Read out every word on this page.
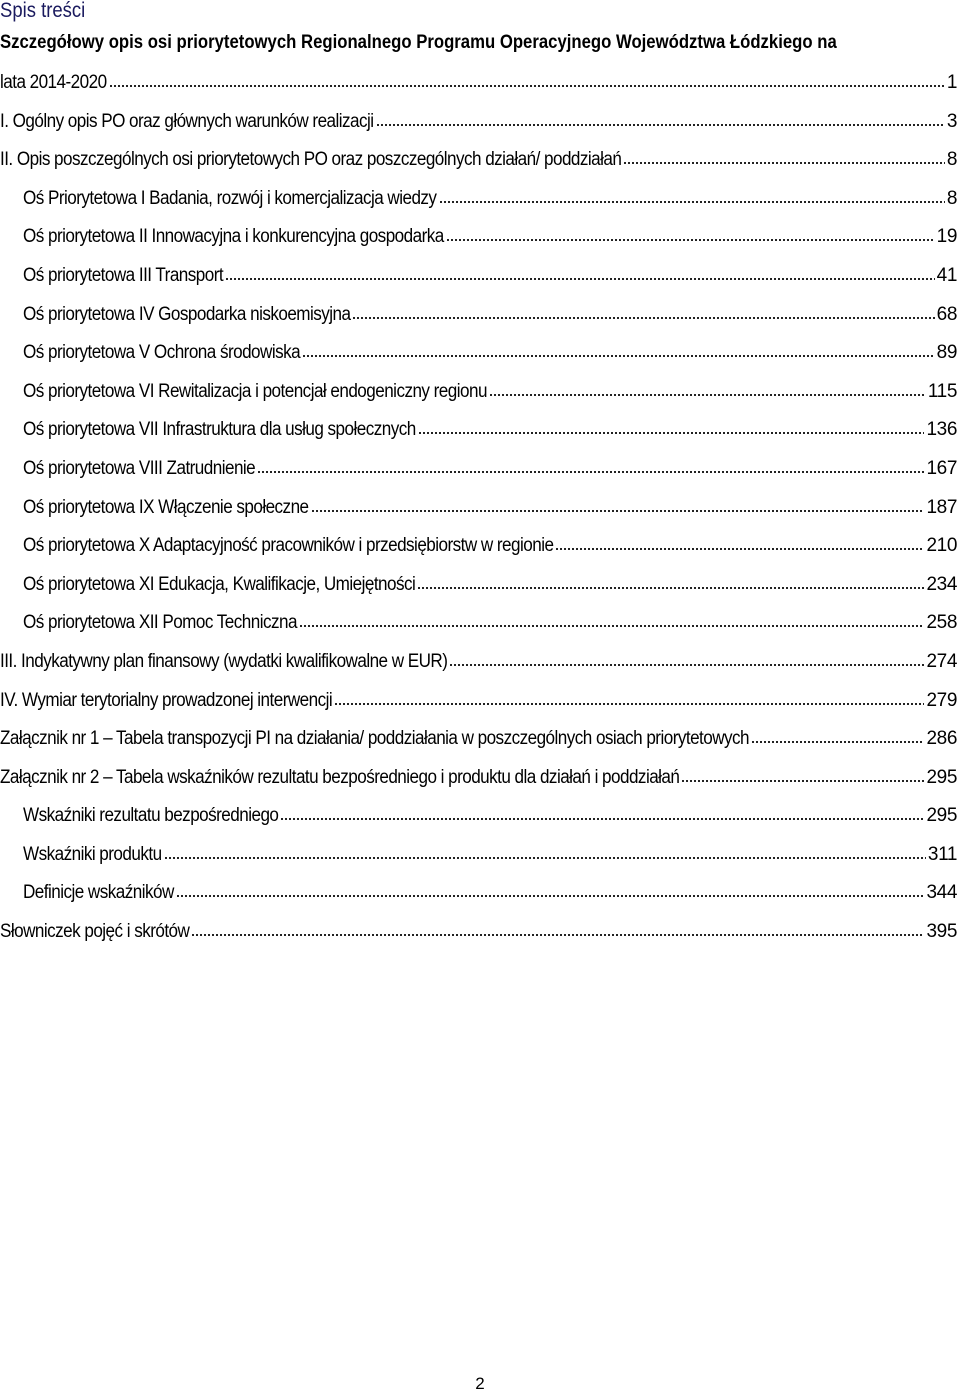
Spis treści
Szczegółowy opis osi priorytetowych Regionalnego Programu Operacyjnego Województwa Łódzkiego na
lata 2014-2020	1
I. Ogólny opis PO oraz głównych warunków realizacji	3
II. Opis poszczególnych osi priorytetowych PO oraz poszczególnych działań/ poddziałań	8
Oś Priorytetowa I Badania, rozwój i komercjalizacja wiedzy	8
Oś priorytetowa II Innowacyjna i konkurencyjna gospodarka	19
Oś priorytetowa III Transport	41
Oś priorytetowa IV Gospodarka niskoemisyjna	68
Oś priorytetowa V Ochrona środowiska	89
Oś priorytetowa VI Rewitalizacja i potencjał endogeniczny regionu	115
Oś priorytetowa VII Infrastruktura dla usług społecznych	136
Oś priorytetowa VIII Zatrudnienie	167
Oś priorytetowa IX Włączenie społeczne	187
Oś priorytetowa X Adaptacyjność pracowników i przedsiębiorstw w regionie	210
Oś priorytetowa XI Edukacja, Kwalifikacje, Umiejętności	234
Oś priorytetowa XII Pomoc Techniczna	258
III. Indykatywny plan finansowy (wydatki kwalifikowalne w EUR)	274
IV. Wymiar terytorialny prowadzonej interwencji	279
Załącznik nr 1 – Tabela transpozycji PI na działania/ poddziałania w poszczególnych osiach priorytetowych	286
Załącznik nr 2 – Tabela wskaźników rezultatu bezpośredniego i produktu dla działań i poddziałań	295
Wskaźniki rezultatu bezpośredniego	295
Wskaźniki produktu	311
Definicje wskaźników	344
Słowniczek pojęć i skrótów	395
2
